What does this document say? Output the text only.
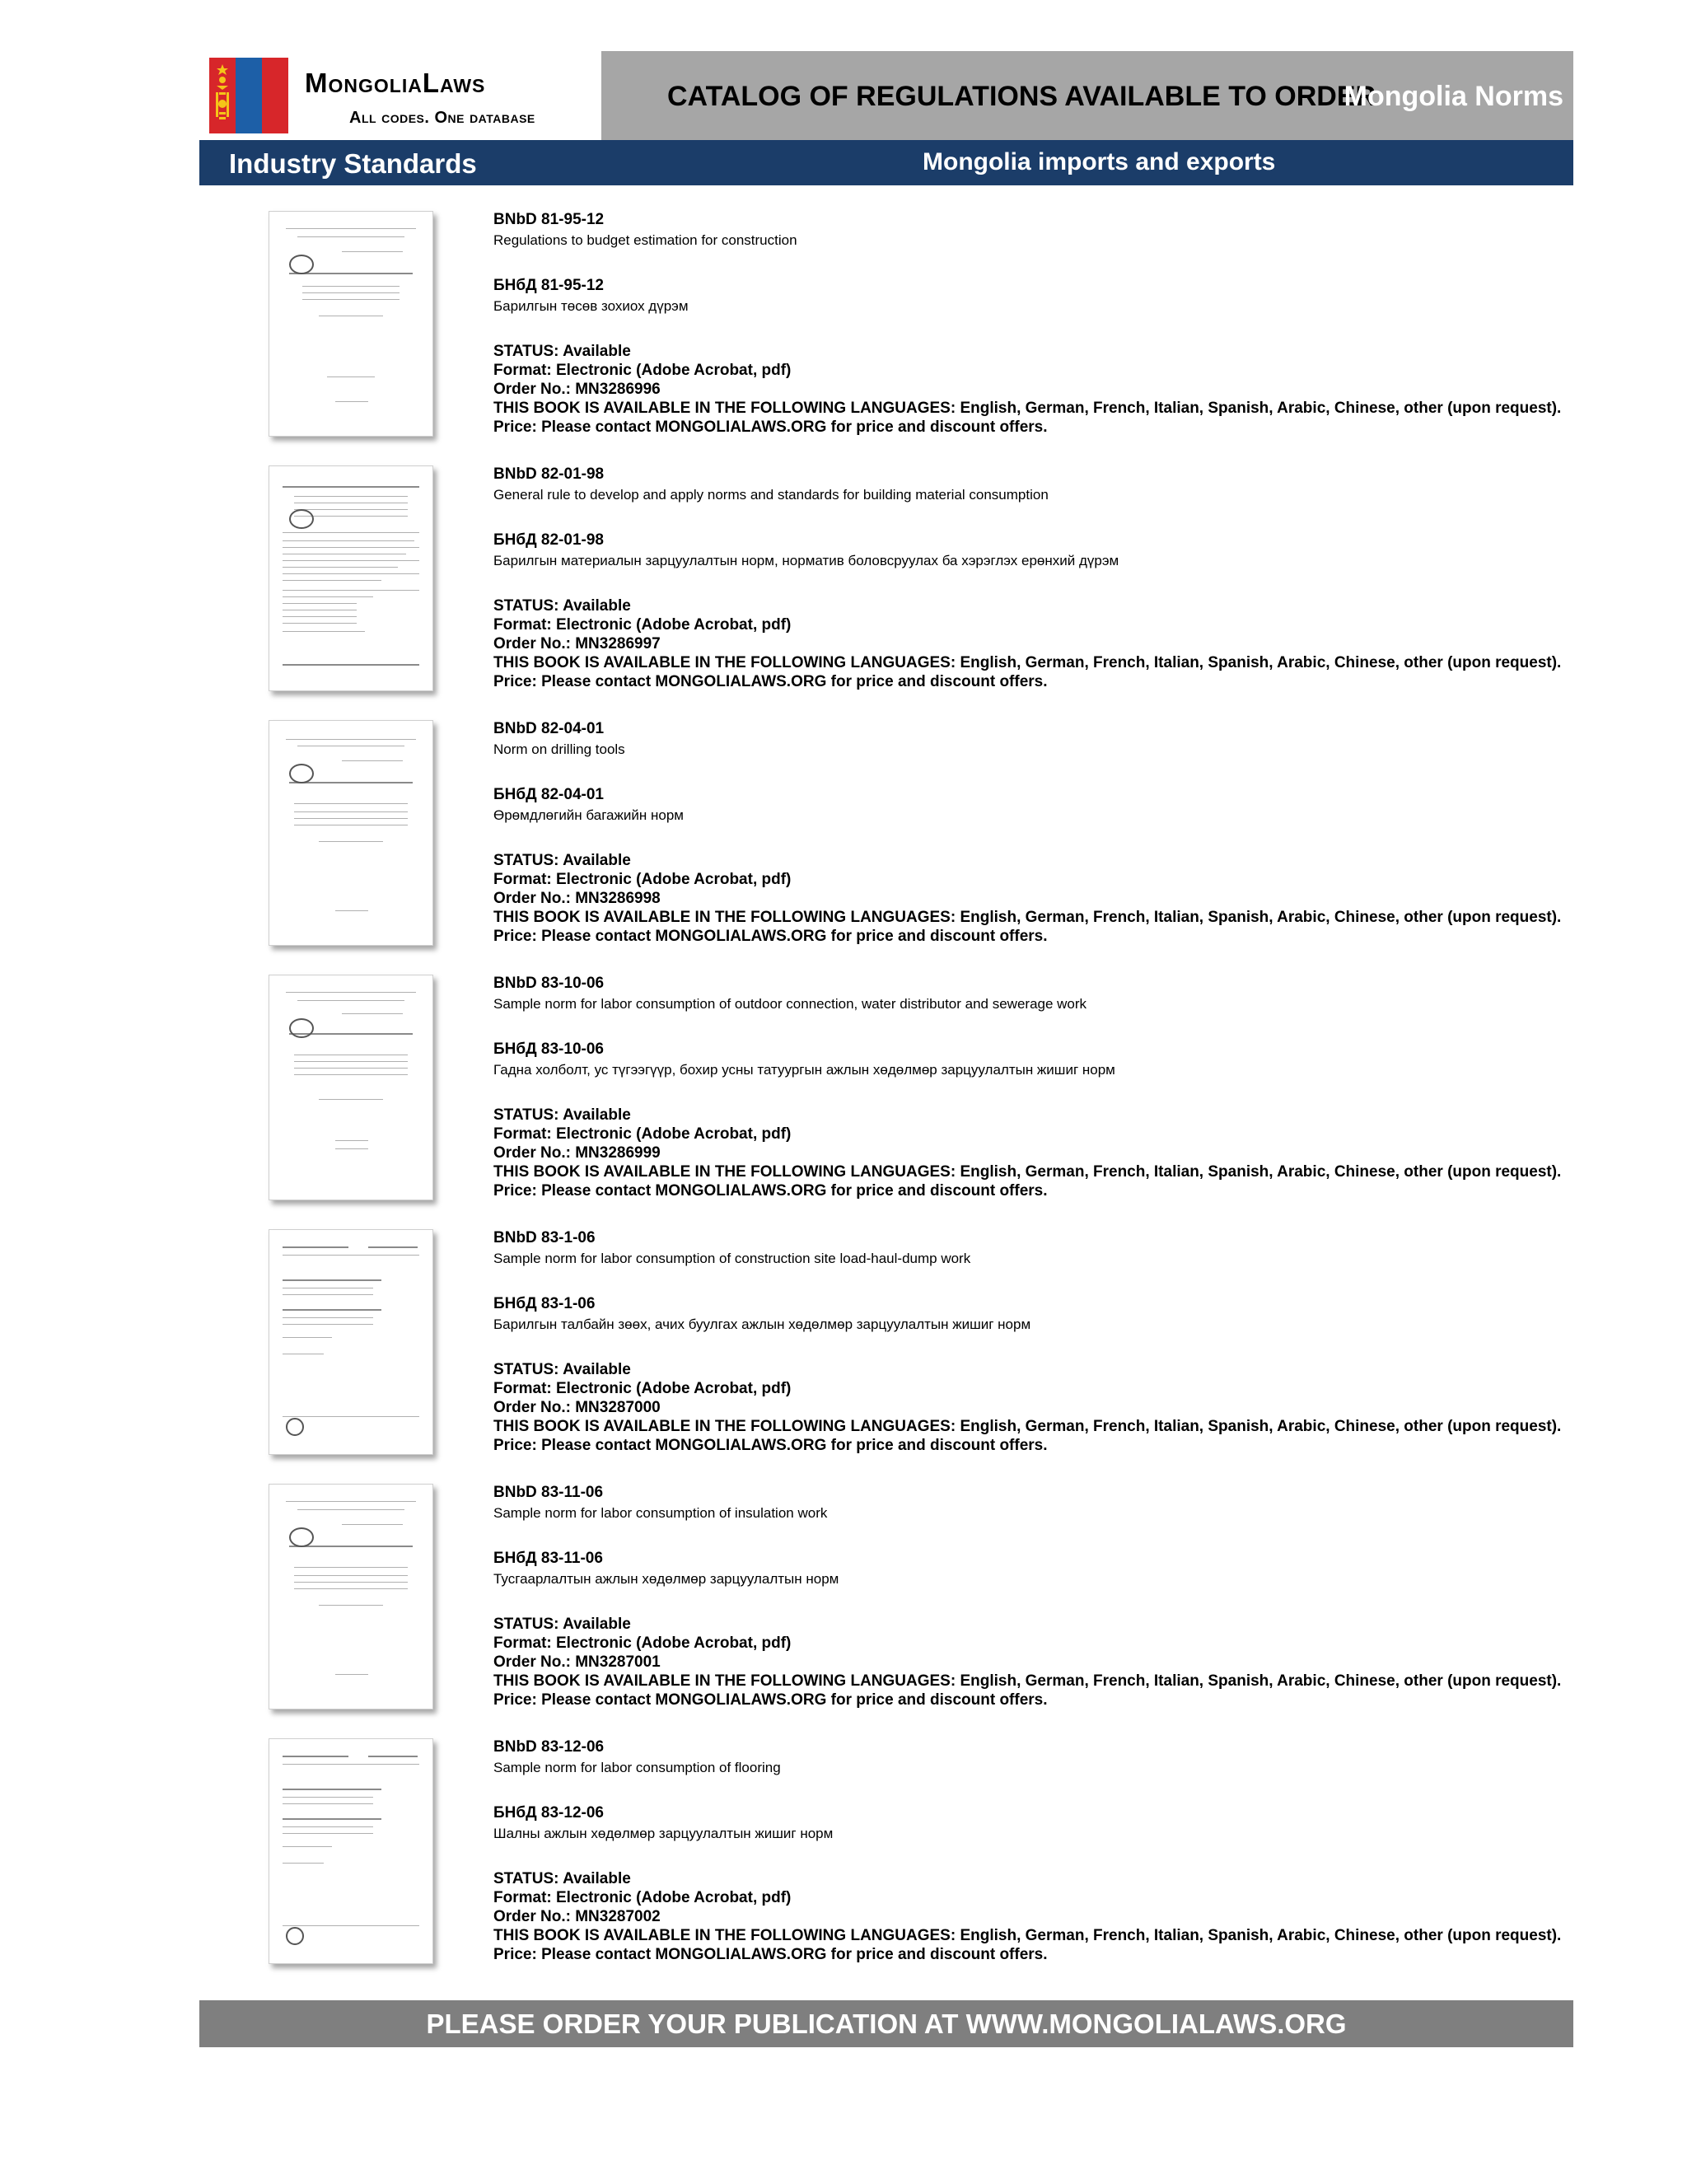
MongoliaLaws
All codes. One database
CATALOG OF REGULATIONS AVAILABLE TO ORDER
Mongolia Norms
Industry Standards	Mongolia imports and exports
BNbD 81-95-12
Regulations to budget estimation for construction
БНбД 81-95-12
Барилгын төсөв зохиох дүрэм
STATUS: Available
Format: Electronic (Adobe Acrobat, pdf)
Order No.: MN3286996
THIS BOOK IS AVAILABLE IN THE FOLLOWING LANGUAGES: English, German, French, Italian, Spanish, Arabic, Chinese, other (upon request).
Price: Please contact MONGOLIALAWS.ORG for price and discount offers.
BNbD 82-01-98
General rule to develop and apply norms and standards for building material consumption
БНбД 82-01-98
Барилгын материалын зарцуулалтын норм, норматив боловсруулах ба хэрэглэх ерөнхий дүрэм
STATUS: Available
Format: Electronic (Adobe Acrobat, pdf)
Order No.: MN3286997
THIS BOOK IS AVAILABLE IN THE FOLLOWING LANGUAGES: English, German, French, Italian, Spanish, Arabic, Chinese, other (upon request).
Price: Please contact MONGOLIALAWS.ORG for price and discount offers.
BNbD 82-04-01
Norm on drilling tools
БНбД 82-04-01
Өрөмдлөгийн багажийн норм
STATUS: Available
Format: Electronic (Adobe Acrobat, pdf)
Order No.: MN3286998
THIS BOOK IS AVAILABLE IN THE FOLLOWING LANGUAGES: English, German, French, Italian, Spanish, Arabic, Chinese, other (upon request).
Price: Please contact MONGOLIALAWS.ORG for price and discount offers.
BNbD 83-10-06
Sample norm for labor consumption of outdoor connection, water distributor and sewerage work
БНбД 83-10-06
Гадна холболт, ус түгээгүүр, бохир усны татуургын ажлын хөдөлмөр зарцуулалтын жишиг норм
STATUS: Available
Format: Electronic (Adobe Acrobat, pdf)
Order No.: MN3286999
THIS BOOK IS AVAILABLE IN THE FOLLOWING LANGUAGES: English, German, French, Italian, Spanish, Arabic, Chinese, other (upon request).
Price: Please contact MONGOLIALAWS.ORG for price and discount offers.
BNbD 83-1-06
Sample norm for labor consumption of construction site load-haul-dump work
БНбД 83-1-06
Барилгын талбайн зөөх, ачих буулгах ажлын хөдөлмөр зарцуулалтын жишиг норм
STATUS: Available
Format: Electronic (Adobe Acrobat, pdf)
Order No.: MN3287000
THIS BOOK IS AVAILABLE IN THE FOLLOWING LANGUAGES: English, German, French, Italian, Spanish, Arabic, Chinese, other (upon request).
Price: Please contact MONGOLIALAWS.ORG for price and discount offers.
BNbD 83-11-06
Sample norm for labor consumption of insulation work
БНбД 83-11-06
Тусгаарлалтын ажлын хөдөлмөр зарцуулалтын норм
STATUS: Available
Format: Electronic (Adobe Acrobat, pdf)
Order No.: MN3287001
THIS BOOK IS AVAILABLE IN THE FOLLOWING LANGUAGES: English, German, French, Italian, Spanish, Arabic, Chinese, other (upon request).
Price: Please contact MONGOLIALAWS.ORG for price and discount offers.
BNbD 83-12-06
Sample norm for labor consumption of flooring
БНбД 83-12-06
Шалны ажлын хөдөлмөр зарцуулалтын жишиг норм
STATUS: Available
Format: Electronic (Adobe Acrobat, pdf)
Order No.: MN3287002
THIS BOOK IS AVAILABLE IN THE FOLLOWING LANGUAGES: English, German, French, Italian, Spanish, Arabic, Chinese, other (upon request).
Price: Please contact MONGOLIALAWS.ORG for price and discount offers.
PLEASE ORDER YOUR PUBLICATION AT WWW.MONGOLIALAWS.ORG
